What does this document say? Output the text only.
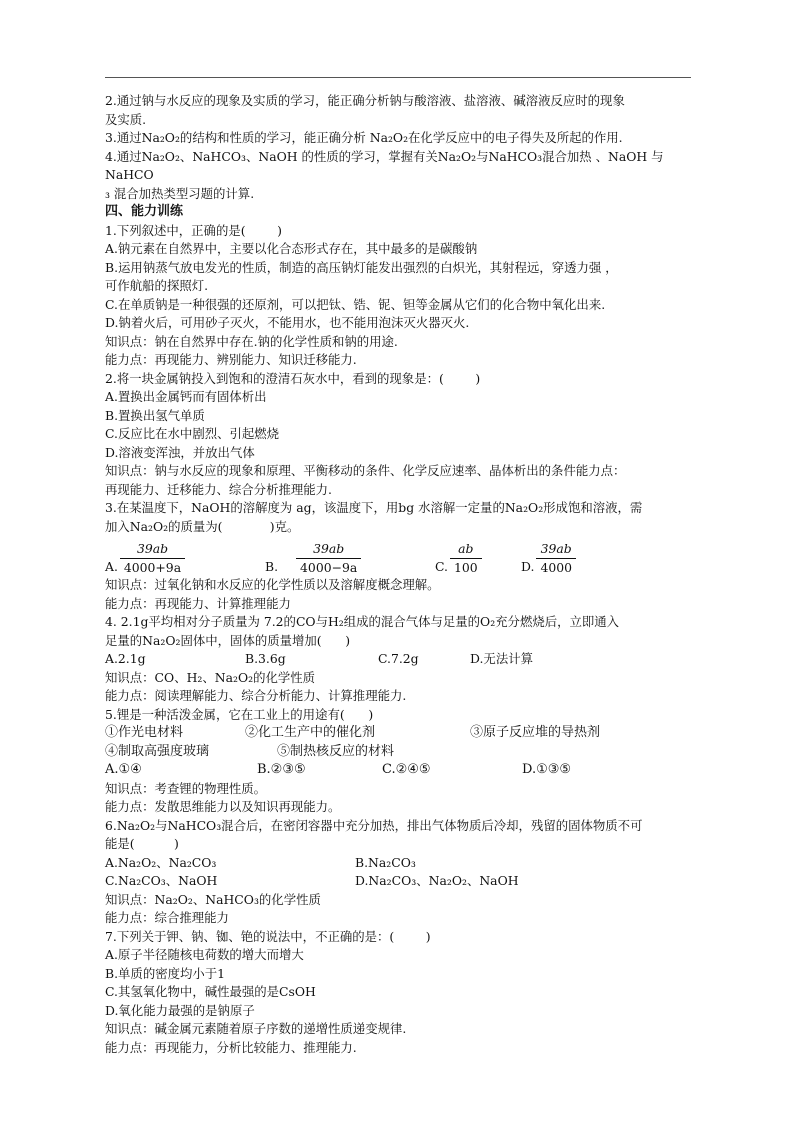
2.通过钠与水反应的现象及实质的学习，能正确分析钠与酸溶液、盐溶液、碱溶液反应时的现象

及实质.

3.通过Na₂O₂的结构和性质的学习，能正确分析 Na₂O₂在化学反应中的电子得失及所起的作用.

4.通过Na₂O₂、NaHCO₃、NaOH 的性质的学习，掌握有关Na₂O₂与NaHCO₃混合加热 、NaOH 与NaHCO

₃ 混合加热类型习题的计算.

四、能力训练

1.下列叙述中，正确的是(        )

A.钠元素在自然界中，主要以化合态形式存在，其中最多的是碳酸钠

B.运用钠蒸气放电发光的性质，制造的高压钠灯能发出强烈的白炽光，其射程远，穿透力强 ，

可作航船的探照灯.

C.在单质钠是一种很强的还原剂，可以把钛、锆、铌、钽等金属从它们的化合物中氧化出来.

D.钠着火后，可用砂子灭火，不能用水，也不能用泡沫灭火器灭火.

知识点：钠在自然界中存在.钠的化学性质和钠的用途.

能力点：再现能力、辨别能力、知识迁移能力.

2.将一块金属钠投入到饱和的澄清石灰水中，看到的现象是：(        )

A.置换出金属钙而有固体析出

B.置换出氢气单质

C.反应比在水中剧烈、引起燃烧

D.溶液变浑浊，并放出气体

知识点：钠与水反应的现象和原理、平衡移动的条件、化学反应速率、晶体析出的条件能力点：

再现能力、迁移能力、综合分析推理能力.

3.在某温度下，NaOH的溶解度为 ag，该温度下，用bg 水溶解一定量的Na₂O₂形成饱和溶液，需

加入Na₂O₂的质量为(            )克。

A. $\frac{39ab}{4000+9a}$	B. $\frac{39ab}{4000-9a}$	C. $\frac{ab}{100}$	D. $\frac{39ab}{4000}$

知识点：过氧化钠和水反应的化学性质以及溶解度概念理解。

能力点：再现能力、计算推理能力

4. 2.1g平均相对分子质量为 7.2的CO与H₂组成的混合气体与足量的O₂充分燃烧后，立即通入

足量的Na₂O₂固体中，固体的质量增加(      )

A.2.1g	B.3.6g	C.7.2g	D.无法计算

知识点：CO、H₂、Na₂O₂的化学性质

能力点：阅读理解能力、综合分析能力、计算推理能力.

5.锂是一种活泼金属，它在工业上的用途有(      )

①作光电材料	②化工生产中的催化剂	③原子反应堆的导热剂
④制取高强度玻璃	⑤制热核反应的材料
A.①④	B.②③⑤	C.②④⑤	D.①③⑤

知识点：考查锂的物理性质。

能力点：发散思维能力以及知识再现能力。

6.Na₂O₂与NaHCO₃混合后，在密闭容器中充分加热，排出气体物质后冷却，残留的固体物质不可

能是(          )

A.Na₂O₂、Na₂CO₃	B.Na₂CO₃
C.Na₂CO₃、NaOH	D.Na₂CO₃、Na₂O₂、NaOH

知识点：Na₂O₂、NaHCO₃的化学性质

能力点：综合推理能力

7.下列关于钾、钠、铷、铯的说法中，不正确的是：(        )

A.原子半径随核电荷数的增大而增大

B.单质的密度均小于1

C.其氢氧化物中，碱性最强的是CsOH

D.氧化能力最强的是钠原子

知识点：碱金属元素随着原子序数的递增性质递变规律.

能力点：再现能力，分析比较能力、推理能力.
